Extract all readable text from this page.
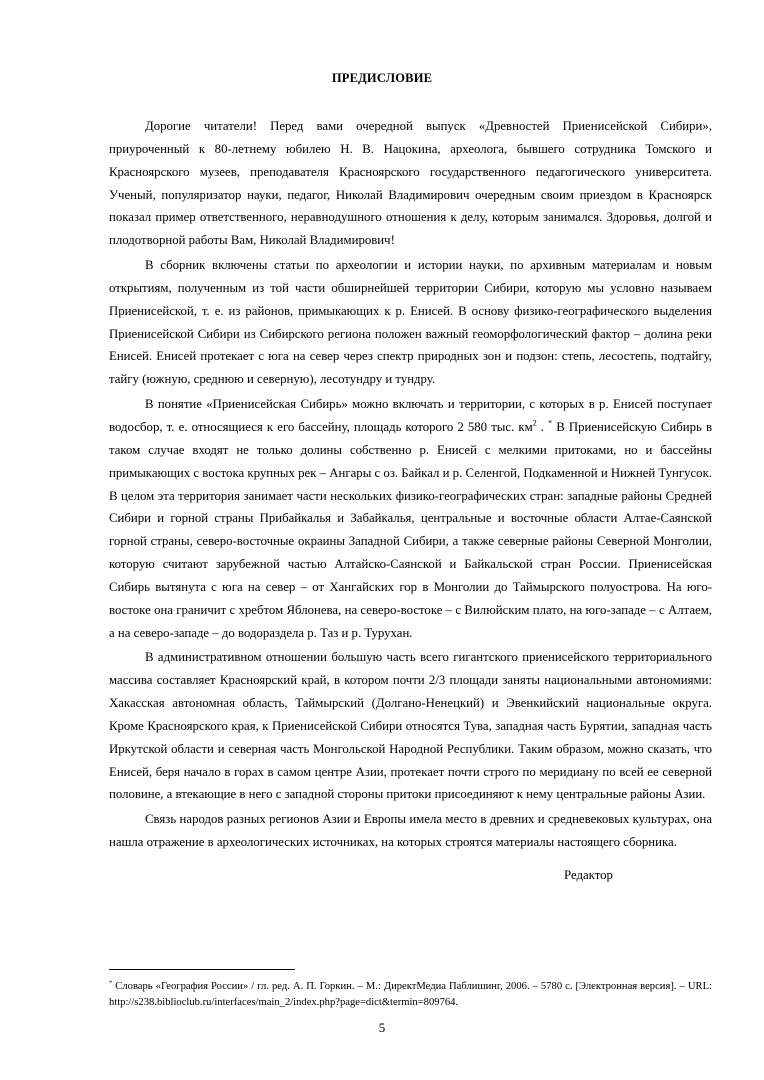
ПРЕДИСЛОВИЕ

Дорогие читатели! Перед вами очередной выпуск «Древностей Приенисейской Сибири», приуроченный к 80-летнему юбилею Н. В. Нацокина, археолога, бывшего сотрудника Томского и Красноярского музеев, преподавателя Красноярского государственного педагогического университета. Ученый, популяризатор науки, педагог, Николай Владимирович очередным своим приездом в Красноярск показал пример ответственного, неравнодушного отношения к делу, которым занимался. Здоровья, долгой и плодотворной работы Вам, Николай Владимирович!

В сборник включены статьи по археологии и истории науки, по архивным материалам и новым открытиям, полученным из той части обширнейшей территории Сибири, которую мы условно называем Приенисейской, т. е. из районов, примыкающих к р. Енисей. В основу физико-географического выделения Приенисейской Сибири из Сибирского региона положен важный геоморфологический фактор – долина реки Енисей. Енисей протекает с юга на север через спектр природных зон и подзон: степь, лесостепь, подтайгу, тайгу (южную, среднюю и северную), лесотундру и тундру.

В понятие «Приенисейская Сибирь» можно включать и территории, с которых в р. Енисей поступает водосбор, т. е. относящиеся к его бассейну, площадь которого 2 580 тыс. $км^2$ . * В Приенисейскую Сибирь в таком случае входят не только долины собственно р. Енисей с мелкими притоками, но и бассейны примыкающих с востока крупных рек – Ангары с оз. Байкал и р. Селенгой, Подкаменной и Нижней Тунгусок. В целом эта территория занимает части нескольких физико-географических стран: западные районы Средней Сибири и горной страны Прибайкалья и Забайкалья, центральные и восточные области Алтае-Саянской горной страны, северо-восточные окраины Западной Сибири, а также северные районы Северной Монголии, которую считают зарубежной частью Алтайско-Саянской и Байкальской стран России. Приенисейская Сибирь вытянута с юга на север – от Хангайских гор в Монголии до Таймырского полуострова. На юго-востоке она граничит с хребтом Яблонева, на северо-востоке – с Вилюйским плато, на юго-западе – с Алтаем, а на северо-западе – до водораздела р. Таз и р. Турухан.

В административном отношении большую часть всего гигантского приенисейского территориального массива составляет Красноярский край, в котором почти 2/3 площади заняты национальными автономиями: Хакасская автономная область, Таймырский (Долгано-Ненецкий) и Эвенкийский национальные округа. Кроме Красноярского края, к Приенисейской Сибири относятся Тува, западная часть Бурятии, западная часть Иркутской области и северная часть Монгольской Народной Республики. Таким образом, можно сказать, что Енисей, беря начало в горах в самом центре Азии, протекает почти строго по меридиану по всей ее северной половине, а втекающие в него с западной стороны притоки присоединяют к нему центральные районы Азии.

Связь народов разных регионов Азии и Европы имела место в древних и средневековых культурах, она нашла отражение в археологических источниках, на которых строятся материалы настоящего сборника.

Редактор
* Словарь «География России» / гл. ред. А. П. Горкин. – М.: ДиректМедиа Паблишинг, 2006. – 5780 с. [Электронная версия]. – URL: http://s238.biblioclub.ru/interfaces/main_2/index.php?page=dict&termin=809764.
5
